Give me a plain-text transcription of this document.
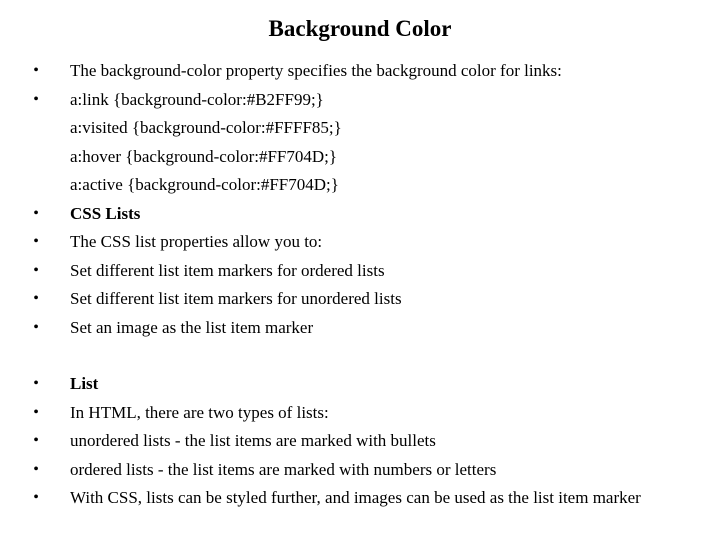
Background Color
• The background-color property specifies the background color for links:
• a:link {background-color:#B2FF99;}
a:visited {background-color:#FFFF85;}
a:hover {background-color:#FF704D;}
a:active {background-color:#FF704D;}
• CSS Lists
• The CSS list properties allow you to:
• Set different list item markers for ordered lists
• Set different list item markers for unordered lists
• Set an image as the list item marker
• List
• In HTML, there are two types of lists:
• unordered lists - the list items are marked with bullets
• ordered lists - the list items are marked with numbers or letters
• With CSS, lists can be styled further, and images can be used as the list item marker
